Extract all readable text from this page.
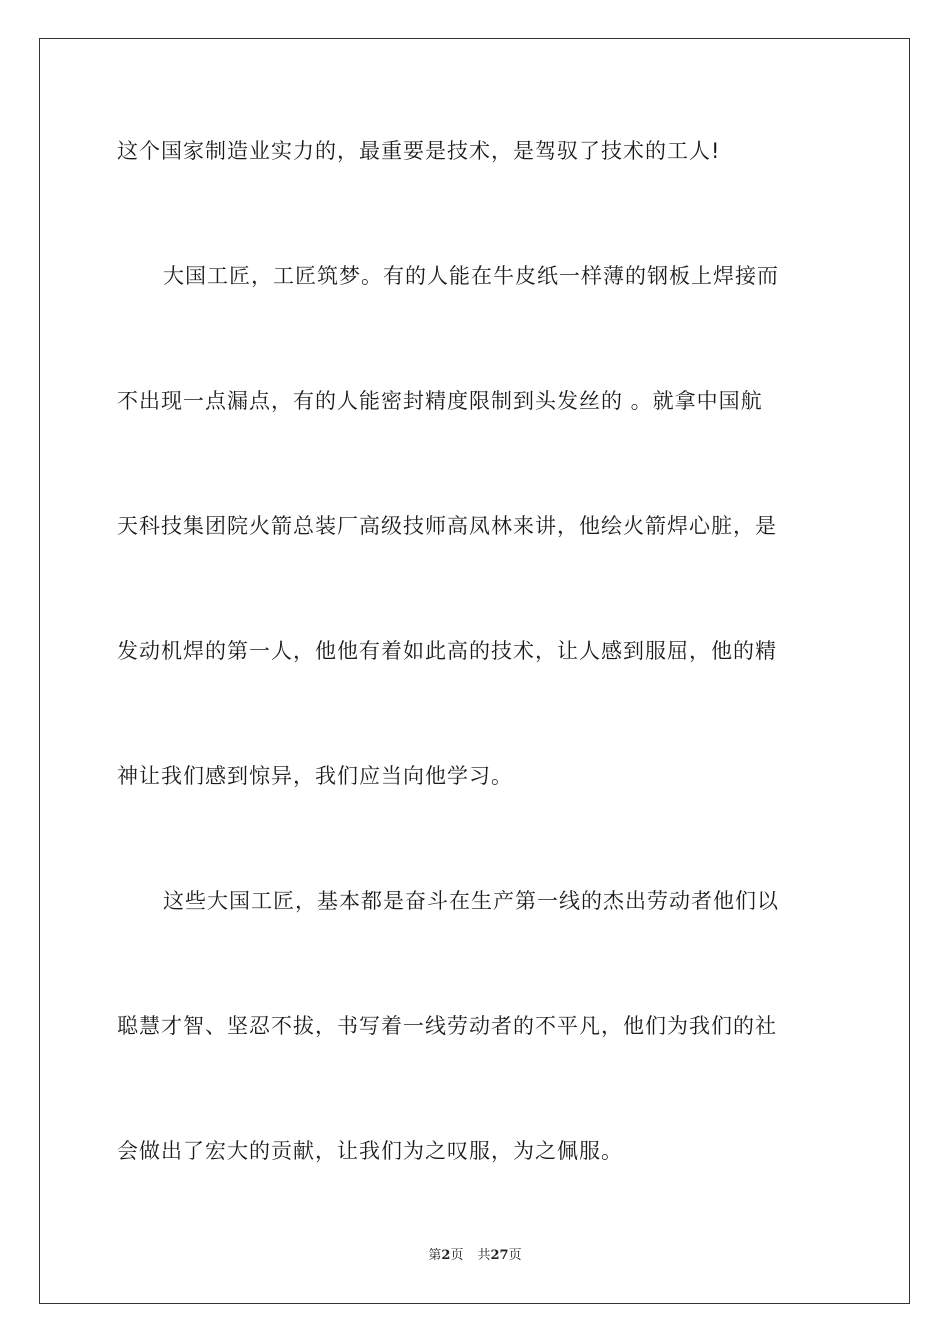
这个国家制造业实力的，最重要是技术，是驾驭了技术的工人!
大国工匠，工匠筑梦。有的人能在牛皮纸一样薄的钢板上焊接而
不出现一点漏点，有的人能密封精度限制到头发丝的 。就拿中国航
天科技集团院火箭总装厂高级技师高凤林来讲，他绘火箭焊心脏，是
发动机焊的第一人，他他有着如此高的技术，让人感到服屈，他的精
神让我们感到惊异，我们应当向他学习。
这些大国工匠，基本都是奋斗在生产第一线的杰出劳动者他们以
聪慧才智、坚忍不拔，书写着一线劳动者的不平凡，他们为我们的社
会做出了宏大的贡献，让我们为之叹服，为之佩服。
第2页 共27页
